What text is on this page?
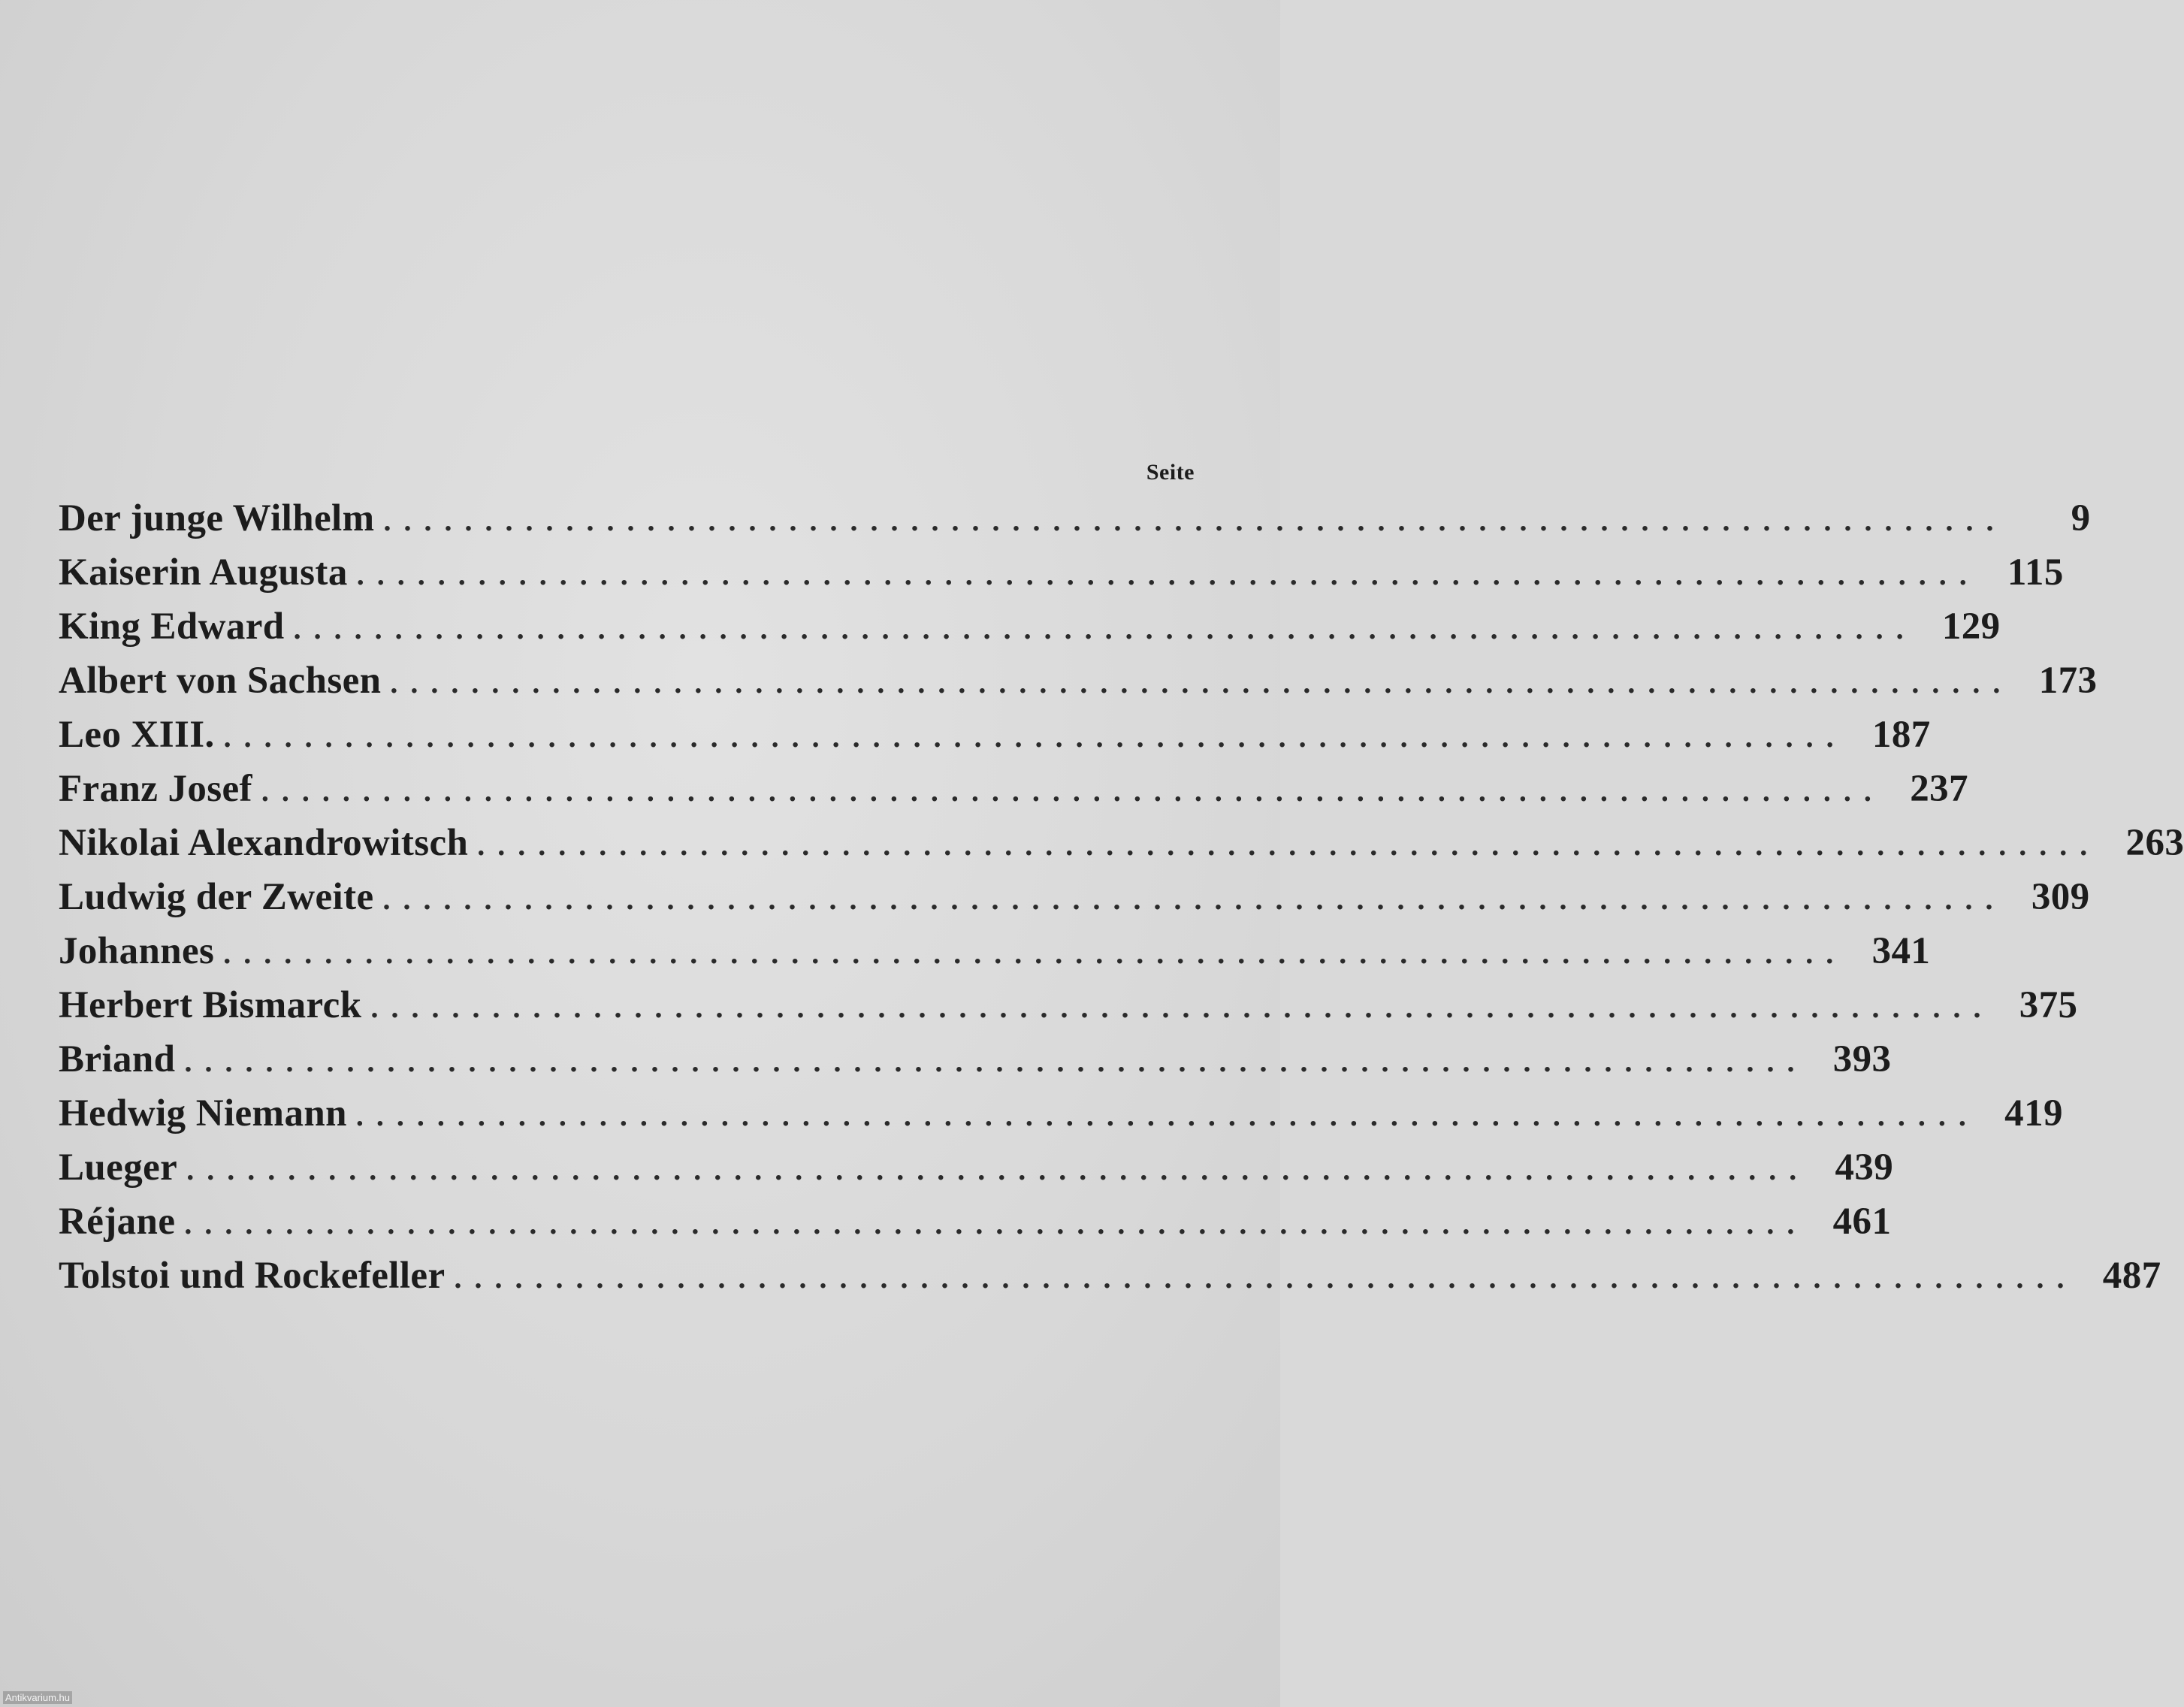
Seite
Der junge Wilhelm ................................................................................	9
Kaiserin Augusta ................................................................................ 115
King Edward ................................................................................ 129
Albert von Sachsen ................................................................................ 173
Leo XIII. ................................................................................ 187
Franz Josef ................................................................................ 237
Nikolai Alexandrowitsch ................................................................................ 263
Ludwig der Zweite ................................................................................ 309
Johannes ................................................................................ 341
Herbert Bismarck ................................................................................ 375
Briand ................................................................................ 393
Hedwig Niemann ................................................................................ 419
Lueger ................................................................................ 439
Réjane ................................................................................ 461
Tolstoi und Rockefeller ................................................................................ 487
Antikvarium.hu
